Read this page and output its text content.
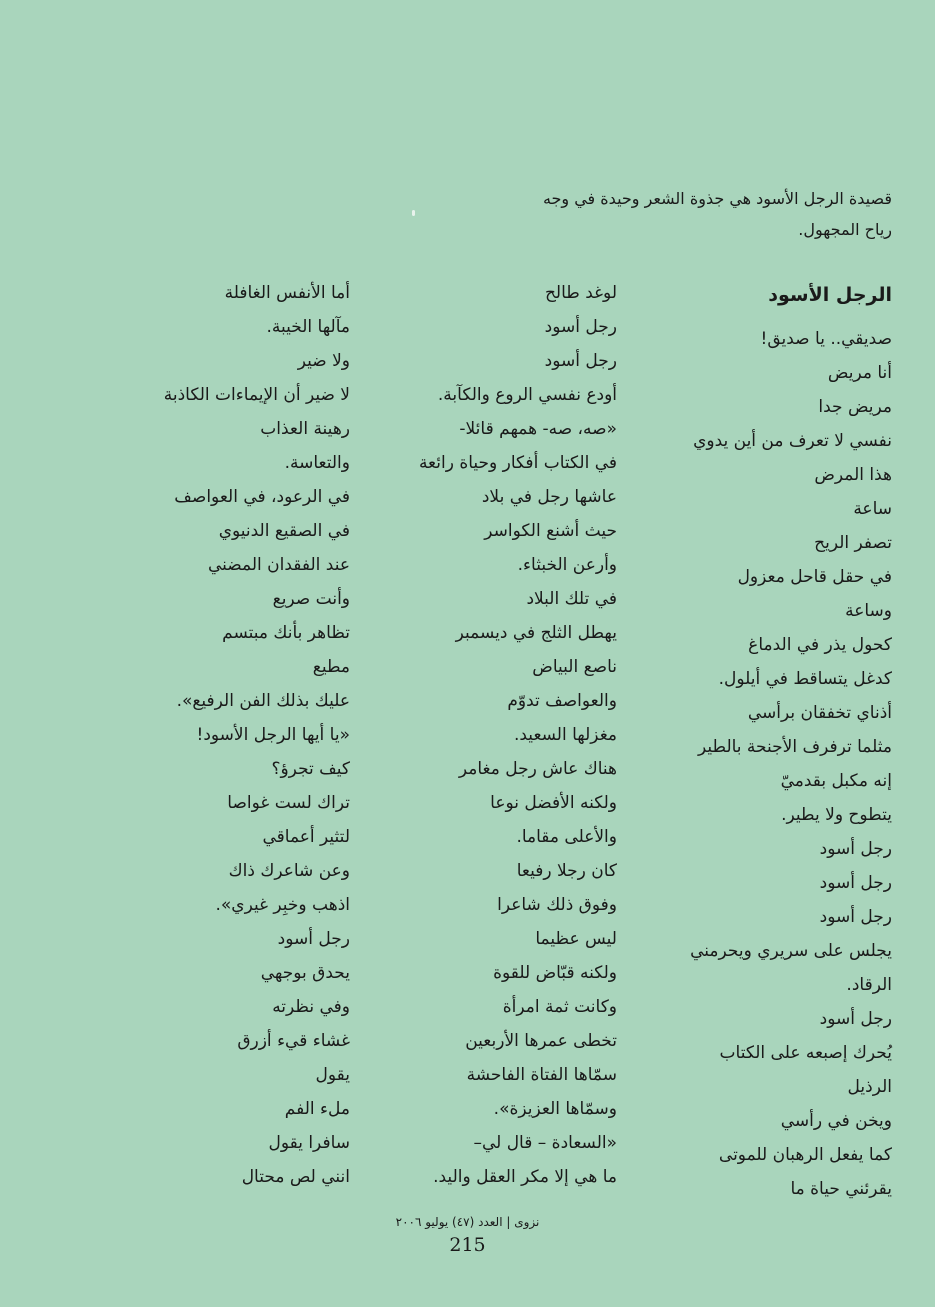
قصيدة الرجل الأسود هي جذوة الشعر وحيدة في وجه
رياح المجهول.
الرجل الأسود
صديقي.. يا صديق!
أنا مريض
مريض جدا
نفسي لا تعرف من أين يدوي
هذا المرض
ساعة
تصفر الريح
في حقل قاحل معزول
وساعة
كحول يذر في الدماغ
كدغل يتساقط في أيلول.
أذناي تخفقان برأسي
مثلما ترفرف الأجنحة بالطير
إنه مكبل بقدميّ
يتطوح ولا يطير.
رجل أسود
رجل أسود
رجل أسود
يجلس على سريري ويحرمني
الرقاد.
رجل أسود
يُحرك إصبعه على الكتاب
الرذيل
ويخن في رأسي
كما يفعل الرهبان للموتى
يقرئني حياة ما
لوغد طالح
رجل أسود
رجل أسود
أودع نفسي الروع والكآبة.
«صه، صه- همهم قائلا-
في الكتاب أفكار وحياة رائعة
عاشها رجل في بلاد
حيث أشنع الكواسر
وأرعن الخبثاء.
في تلك البلاد
يهطل الثلج في ديسمبر
ناصع البياض
والعواصف تدوّم
مغزلها السعيد.
هناك عاش رجل مغامر
ولكنه الأفضل نوعا
والأعلى مقاما.
كان رجلا رفيعا
وفوق ذلك شاعرا
ليس عظيما
ولكنه قبّاض للقوة
وكانت ثمة امرأة
تخطى عمرها الأربعين
سمّاها الفتاة الفاحشة
وسمّاها العزيزة».
«السعادة – قال لي–
ما هي إلا مكر العقل واليد.
أما الأنفس الغافلة
مآلها الخيبة.
ولا ضير
لا ضير أن الإيماءات الكاذبة
رهينة العذاب
والتعاسة.
في الرعود، في العواصف
في الصقيع الدنيوي
عند الفقدان المضني
وأنت صريع
تظاهر بأنك مبتسم
مطيع
عليك بذلك الفن الرفيع».
«يا أيها الرجل الأسود!
كيف تجرؤ؟
تراك لست غواصا
لتثير أعماقي
وعن شاعرك ذاك
اذهب وخبِر غيري».
رجل أسود
يحدق بوجهي
وفي نظرته
غشاء قيء أزرق
يقول
ملء الفم
سافرا يقول
انني لص محتال
نزوى | العدد (٤٧) يوليو ٢٠٠٦
215
